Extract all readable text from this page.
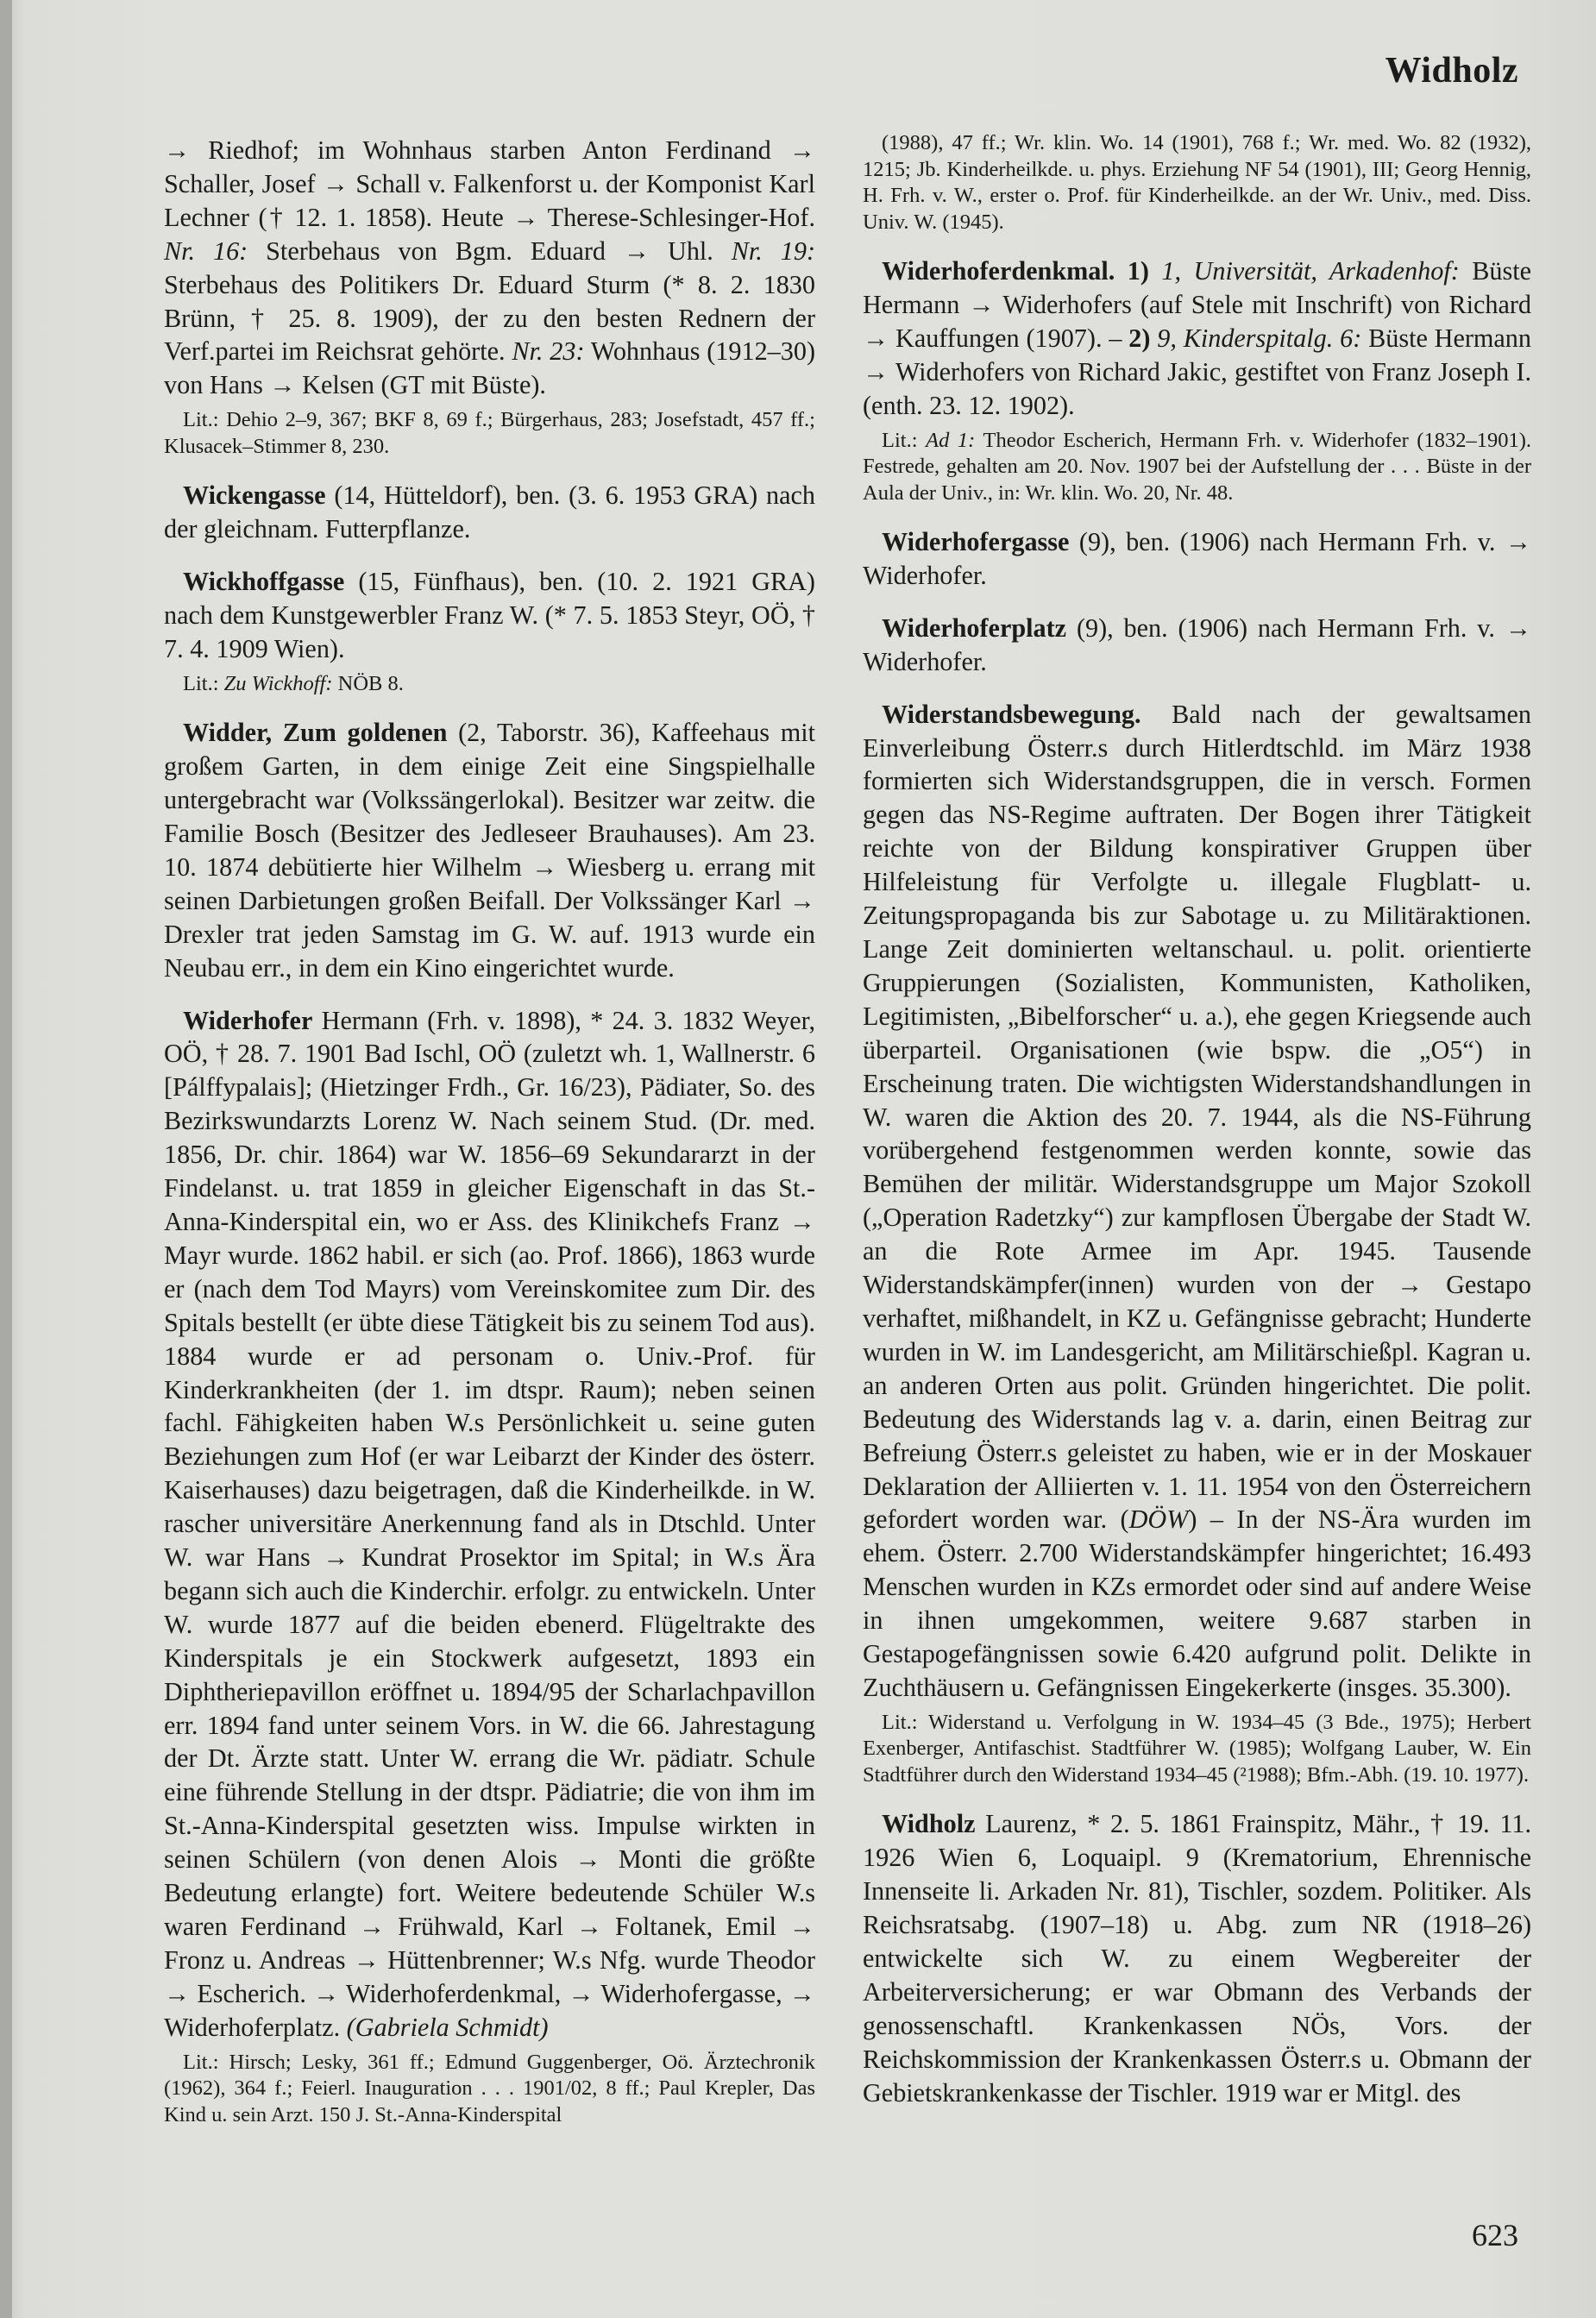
Widholz

→ Riedhof; im Wohnhaus starben Anton Ferdinand → Schaller, Josef → Schall v. Falkenforst u. der Komponist Karl Lechner († 12. 1. 1858). Heute → Therese-Schlesinger-Hof. Nr. 16: Sterbehaus von Bgm. Eduard → Uhl. Nr. 19: Sterbehaus des Politikers Dr. Eduard Sturm (* 8. 2. 1830 Brünn, † 25. 8. 1909), der zu den besten Rednern der Verf.partei im Reichsrat gehörte. Nr. 23: Wohnhaus (1912–30) von Hans → Kelsen (GT mit Büste).

Lit.: Dehio 2–9, 367; BKF 8, 69 f.; Bürgerhaus, 283; Josefstadt, 457 ff.; Klusacek–Stimmer 8, 230.

Wickengasse (14, Hütteldorf), ben. (3. 6. 1953 GRA) nach der gleichnam. Futterpflanze.

Wickhoffgasse (15, Fünfhaus), ben. (10. 2. 1921 GRA) nach dem Kunstgewerbler Franz W. (* 7. 5. 1853 Steyr, OÖ, † 7. 4. 1909 Wien).

Lit.: Zu Wickhoff: NÖB 8.

Widder, Zum goldenen (2, Taborstr. 36), Kaffeehaus mit großem Garten, in dem einige Zeit eine Singspielhalle untergebracht war (Volkssängerlokal). Besitzer war zeitw. die Familie Bosch (Besitzer des Jedleseer Brauhauses). Am 23. 10. 1874 debütierte hier Wilhelm → Wiesberg u. errang mit seinen Darbietungen großen Beifall. Der Volkssänger Karl → Drexler trat jeden Samstag im G. W. auf. 1913 wurde ein Neubau err., in dem ein Kino eingerichtet wurde.

Widerhofer Hermann (Frh. v. 1898), * 24. 3. 1832 Weyer, OÖ, † 28. 7. 1901 Bad Ischl, OÖ (zuletzt wh. 1, Wallnerstr. 6 [Pálffypalais]; (Hietzinger Frdh., Gr. 16/23), Pädiater, So. des Bezirkswundarzts Lorenz W. Nach seinem Stud. (Dr. med. 1856, Dr. chir. 1864) war W. 1856–69 Sekundararzt in der Findelanst. u. trat 1859 in gleicher Eigenschaft in das St.-Anna-Kinderspital ein, wo er Ass. des Klinikchefs Franz → Mayr wurde. 1862 habil. er sich (ao. Prof. 1866), 1863 wurde er (nach dem Tod Mayrs) vom Vereinskomitee zum Dir. des Spitals bestellt (er übte diese Tätigkeit bis zu seinem Tod aus). 1884 wurde er ad personam o. Univ.-Prof. für Kinderkrankheiten (der 1. im dtspr. Raum); neben seinen fachl. Fähigkeiten haben W.s Persönlichkeit u. seine guten Beziehungen zum Hof (er war Leibarzt der Kinder des österr. Kaiserhauses) dazu beigetragen, daß die Kinderheilkde. in W. rascher universitäre Anerkennung fand als in Dtschld. Unter W. war Hans → Kundrat Prosektor im Spital; in W.s Ära begann sich auch die Kinderchir. erfolgr. zu entwickeln. Unter W. wurde 1877 auf die beiden ebenerd. Flügeltrakte des Kinderspitals je ein Stockwerk aufgesetzt, 1893 ein Diphtheriepavillon eröffnet u. 1894/95 der Scharlachpavillon err. 1894 fand unter seinem Vors. in W. die 66. Jahrestagung der Dt. Ärzte statt. Unter W. errang die Wr. pädiatr. Schule eine führende Stellung in der dtspr. Pädiatrie; die von ihm im St.-Anna-Kinderspital gesetzten wiss. Impulse wirkten in seinen Schülern (von denen Alois → Monti die größte Bedeutung erlangte) fort. Weitere bedeutende Schüler W.s waren Ferdinand → Frühwald, Karl → Foltanek, Emil → Fronz u. Andreas → Hüttenbrenner; W.s Nfg. wurde Theodor → Escherich. → Widerhoferdenkmal, → Widerhofergasse, → Widerhoferplatz. (Gabriela Schmidt)

Lit.: Hirsch; Lesky, 361 ff.; Edmund Guggenberger, Oö. Ärztechronik (1962), 364 f.; Feierl. Inauguration . . . 1901/02, 8 ff.; Paul Krepler, Das Kind u. sein Arzt. 150 J. St.-Anna-Kinderspital

(1988), 47 ff.; Wr. klin. Wo. 14 (1901), 768 f.; Wr. med. Wo. 82 (1932), 1215; Jb. Kinderheilkde. u. phys. Erziehung NF 54 (1901), III; Georg Hennig, H. Frh. v. W., erster o. Prof. für Kinderheilkde. an der Wr. Univ., med. Diss. Univ. W. (1945).

Widerhoferdenkmal. 1) 1, Universität, Arkadenhof: Büste Hermann → Widerhofers (auf Stele mit Inschrift) von Richard → Kauffungen (1907). – 2) 9, Kinderspitalg. 6: Büste Hermann → Widerhofers von Richard Jakic, gestiftet von Franz Joseph I. (enth. 23. 12. 1902).

Lit.: Ad 1: Theodor Escherich, Hermann Frh. v. Widerhofer (1832–1901). Festrede, gehalten am 20. Nov. 1907 bei der Aufstellung der . . . Büste in der Aula der Univ., in: Wr. klin. Wo. 20, Nr. 48.

Widerhofergasse (9), ben. (1906) nach Hermann Frh. v. → Widerhofer.

Widerhoferplatz (9), ben. (1906) nach Hermann Frh. v. → Widerhofer.

Widerstandsbewegung. Bald nach der gewaltsamen Einverleibung Österr.s durch Hitlerdtschld. im März 1938 formierten sich Widerstandsgruppen, die in versch. Formen gegen das NS-Regime auftraten. Der Bogen ihrer Tätigkeit reichte von der Bildung konspirativer Gruppen über Hilfeleistung für Verfolgte u. illegale Flugblatt- u. Zeitungspropaganda bis zur Sabotage u. zu Militäraktionen. Lange Zeit dominierten weltanschaul. u. polit. orientierte Gruppierungen (Sozialisten, Kommunisten, Katholiken, Legitimisten, „Bibelforscher“ u. a.), ehe gegen Kriegsende auch überparteil. Organisationen (wie bspw. die „O5“) in Erscheinung traten. Die wichtigsten Widerstandshandlungen in W. waren die Aktion des 20. 7. 1944, als die NS-Führung vorübergehend festgenommen werden konnte, sowie das Bemühen der militär. Widerstandsgruppe um Major Szokoll („Operation Radetzky“) zur kampflosen Übergabe der Stadt W. an die Rote Armee im Apr. 1945. Tausende Widerstandskämpfer(innen) wurden von der → Gestapo verhaftet, mißhandelt, in KZ u. Gefängnisse gebracht; Hunderte wurden in W. im Landesgericht, am Militärschießpl. Kagran u. an anderen Orten aus polit. Gründen hingerichtet. Die polit. Bedeutung des Widerstands lag v. a. darin, einen Beitrag zur Befreiung Österr.s geleistet zu haben, wie er in der Moskauer Deklaration der Alliierten v. 1. 11. 1954 von den Österreichern gefordert worden war. (DÖW) – In der NS-Ära wurden im ehem. Österr. 2.700 Widerstandskämpfer hingerichtet; 16.493 Menschen wurden in KZs ermordet oder sind auf andere Weise in ihnen umgekommen, weitere 9.687 starben in Gestapogefängnissen sowie 6.420 aufgrund polit. Delikte in Zuchthäusern u. Gefängnissen Eingekerkerte (insges. 35.300).

Lit.: Widerstand u. Verfolgung in W. 1934–45 (3 Bde., 1975); Herbert Exenberger, Antifaschist. Stadtführer W. (1985); Wolfgang Lauber, W. Ein Stadtführer durch den Widerstand 1934–45 (²1988); Bfm.-Abh. (19. 10. 1977).

Widholz Laurenz, * 2. 5. 1861 Frainspitz, Mähr., † 19. 11. 1926 Wien 6, Loquaipl. 9 (Krematorium, Ehrennische Innenseite li. Arkaden Nr. 81), Tischler, sozdem. Politiker. Als Reichsratsabg. (1907–18) u. Abg. zum NR (1918–26) entwickelte sich W. zu einem Wegbereiter der Arbeiterversicherung; er war Obmann des Verbands der genossenschaftl. Krankenkassen NÖs, Vors. der Reichskommission der Krankenkassen Österr.s u. Obmann der Gebietskrankenkasse der Tischler. 1919 war er Mitgl. des

623
